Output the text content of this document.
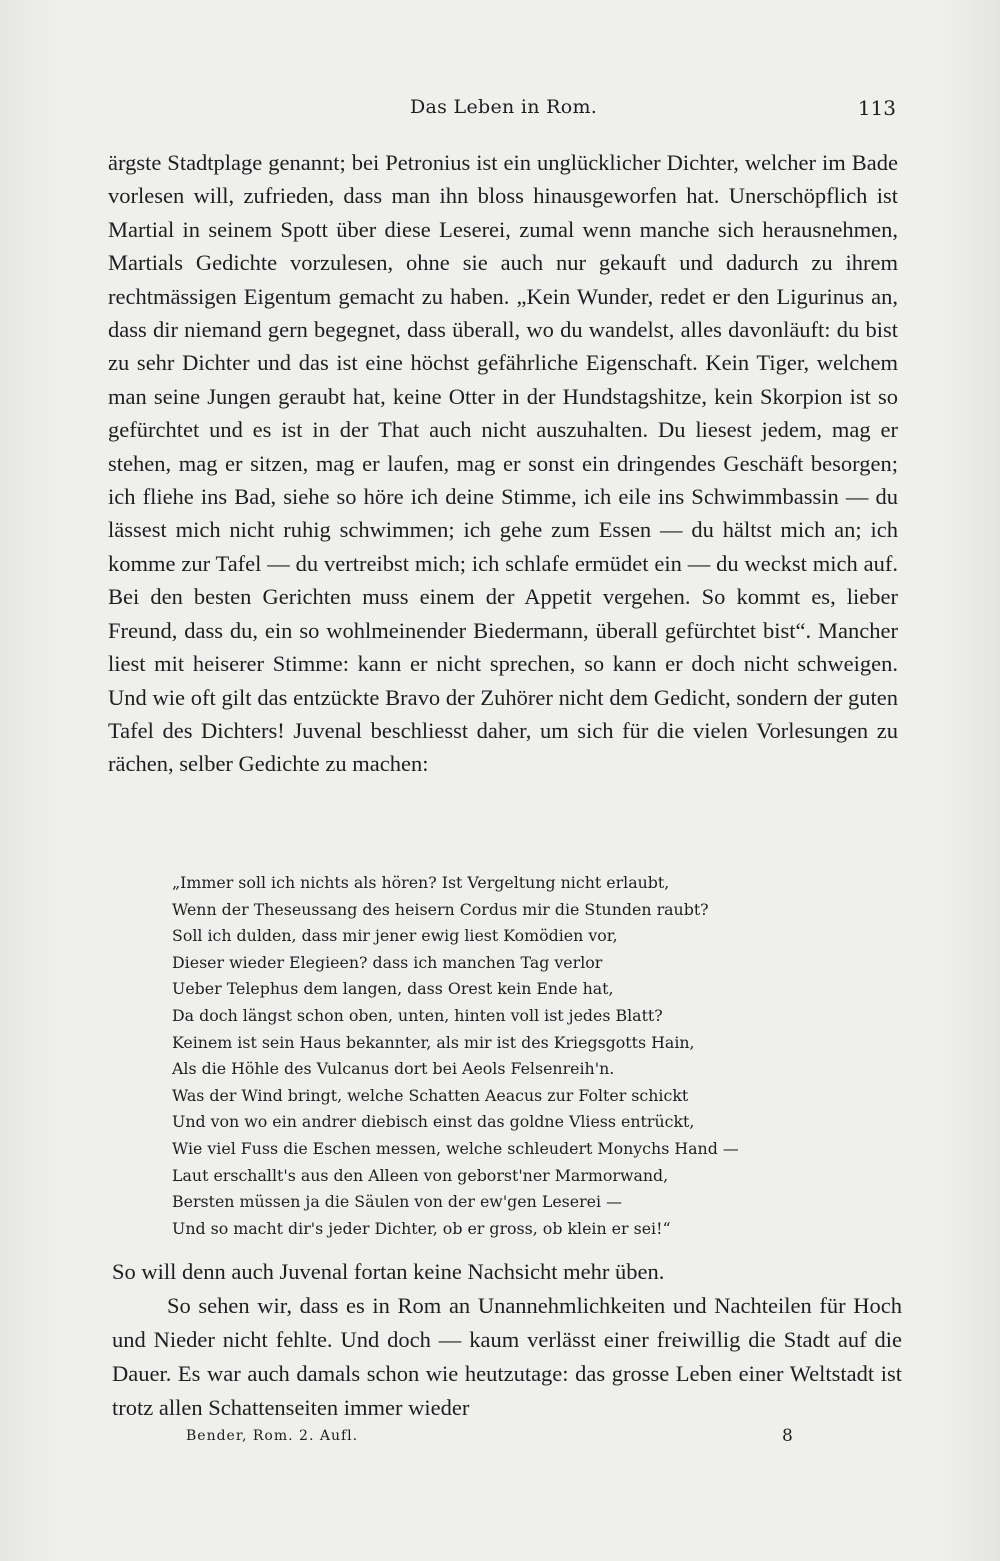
Das Leben in Rom.	113

ärgste Stadtplage genannt; bei Petronius ist ein unglücklicher Dichter, welcher im Bade vorlesen will, zufrieden, dass man ihn bloss hinausgeworfen hat. Unerschöpflich ist Martial in seinem Spott über diese Leserei, zumal wenn manche sich herausnehmen, Martials Gedichte vorzulesen, ohne sie auch nur gekauft und dadurch zu ihrem rechtmässigen Eigentum gemacht zu haben. „Kein Wunder, redet er den Ligurinus an, dass dir niemand gern begegnet, dass überall, wo du wandelst, alles davonläuft: du bist zu sehr Dichter und das ist eine höchst gefährliche Eigenschaft. Kein Tiger, welchem man seine Jungen geraubt hat, keine Otter in der Hundstagshitze, kein Skorpion ist so gefürchtet und es ist in der That auch nicht auszuhalten. Du liesest jedem, mag er stehen, mag er sitzen, mag er laufen, mag er sonst ein dringendes Geschäft besorgen; ich fliehe ins Bad, siehe so höre ich deine Stimme, ich eile ins Schwimmbassin — du lässest mich nicht ruhig schwimmen; ich gehe zum Essen — du hältst mich an; ich komme zur Tafel — du vertreibst mich; ich schlafe ermüdet ein — du weckst mich auf. Bei den besten Gerichten muss einem der Appetit vergehen. So kommt es, lieber Freund, dass du, ein so wohlmeinender Biedermann, überall gefürchtet bist“. Mancher liest mit heiserer Stimme: kann er nicht sprechen, so kann er doch nicht schweigen. Und wie oft gilt das entzückte Bravo der Zuhörer nicht dem Gedicht, sondern der guten Tafel des Dichters! Juvenal beschliesst daher, um sich für die vielen Vorlesungen zu rächen, selber Gedichte zu machen:

„Immer soll ich nichts als hören? Ist Vergeltung nicht erlaubt,
Wenn der Theseussang des heisern Cordus mir die Stunden raubt?
Soll ich dulden, dass mir jener ewig liest Komödien vor,
Dieser wieder Elegieen? dass ich manchen Tag verlor
Ueber Telephus dem langen, dass Orest kein Ende hat,
Da doch längst schon oben, unten, hinten voll ist jedes Blatt?
Keinem ist sein Haus bekannter, als mir ist des Kriegsgotts Hain,
Als die Höhle des Vulcanus dort bei Aeols Felsenreih'n.
Was der Wind bringt, welche Schatten Aeacus zur Folter schickt
Und von wo ein andrer diebisch einst das goldne Vliess entrückt,
Wie viel Fuss die Eschen messen, welche schleudert Monychs Hand —
Laut erschallt's aus den Alleen von geborst'ner Marmorwand,
Bersten müssen ja die Säulen von der ew'gen Leserei —
Und so macht dir's jeder Dichter, ob er gross, ob klein er sei!“

So will denn auch Juvenal fortan keine Nachsicht mehr üben.

So sehen wir, dass es in Rom an Unannehmlichkeiten und Nachteilen für Hoch und Nieder nicht fehlte. Und doch — kaum verlässt einer freiwillig die Stadt auf die Dauer. Es war auch damals schon wie heutzutage: das grosse Leben einer Weltstadt ist trotz allen Schattenseiten immer wieder

Bender, Rom. 2. Aufl.	8
